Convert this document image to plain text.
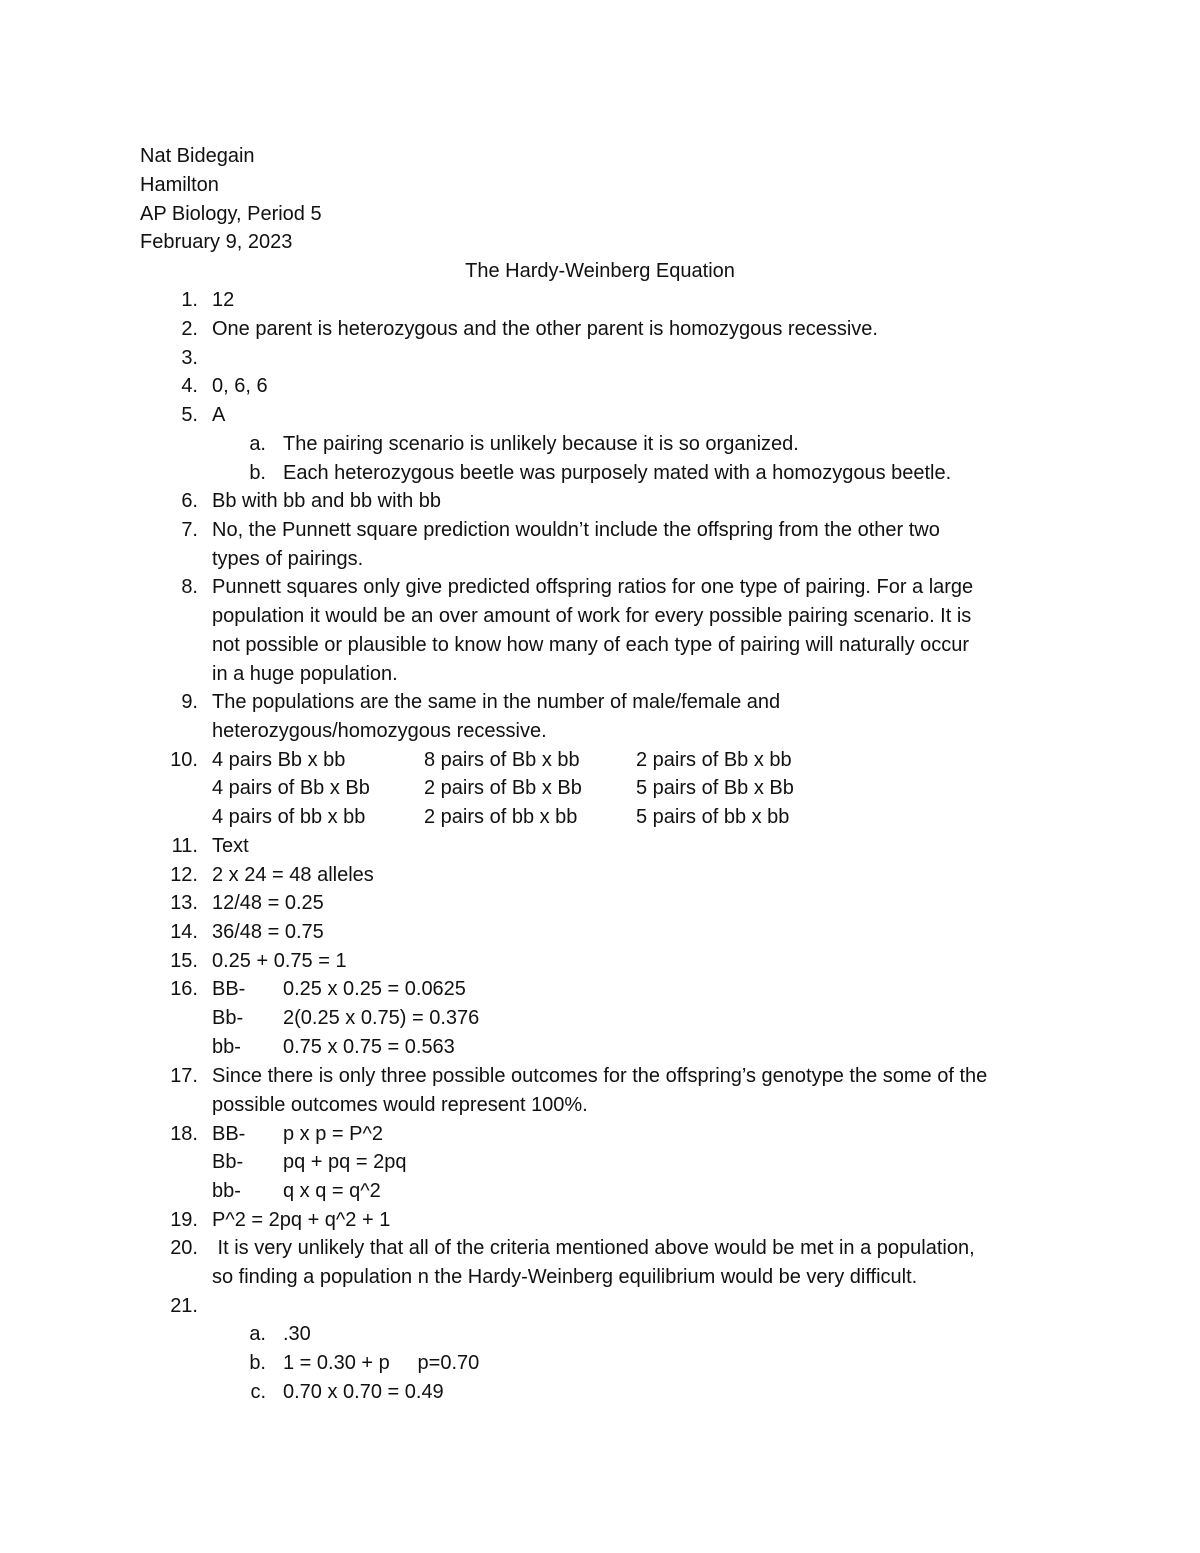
Nat Bidegain
Hamilton
AP Biology, Period 5
February 9, 2023
The Hardy-Weinberg Equation
1. 12
2. One parent is heterozygous and the other parent is homozygous recessive.
3.
4. 0, 6, 6
5. A
a. The pairing scenario is unlikely because it is so organized.
b. Each heterozygous beetle was purposely mated with a homozygous beetle.
6. Bb with bb and bb with bb
7. No, the Punnett square prediction wouldn’t include the offspring from the other two
types of pairings.
8. Punnett squares only give predicted offspring ratios for one type of pairing. For a large
population it would be an over amount of work for every possible pairing scenario. It is
not possible or plausible to know how many of each type of pairing will naturally occur
in a huge population.
9. The populations are the same in the number of male/female and
heterozygous/homozygous recessive.
10. 4 pairs Bb x bb	8 pairs of Bb x bb	2 pairs of Bb x bb
4 pairs of Bb x Bb	2 pairs of Bb x Bb	5 pairs of Bb x Bb
4 pairs of bb x bb	2 pairs of bb x bb	5 pairs of bb x bb
11. Text
12. 2 x 24 = 48 alleles
13. 12/48 = 0.25
14. 36/48 = 0.75
15. 0.25 + 0.75 = 1
16. BB- 0.25 x 0.25 = 0.0625
Bb- 2(0.25 x 0.75) = 0.376
bb- 0.75 x 0.75 = 0.563
17. Since there is only three possible outcomes for the offspring’s genotype the some of the
possible outcomes would represent 100%.
18. BB- p x p = P^2
Bb- pq + pq = 2pq
bb- q x q = q^2
19. P^2 = 2pq + q^2 + 1
20. It is very unlikely that all of the criteria mentioned above would be met in a population,
so finding a population n the Hardy-Weinberg equilibrium would be very difficult.
21.
a. .30
b. 1 = 0.30 + p     p=0.70
c. 0.70 x 0.70 = 0.49
